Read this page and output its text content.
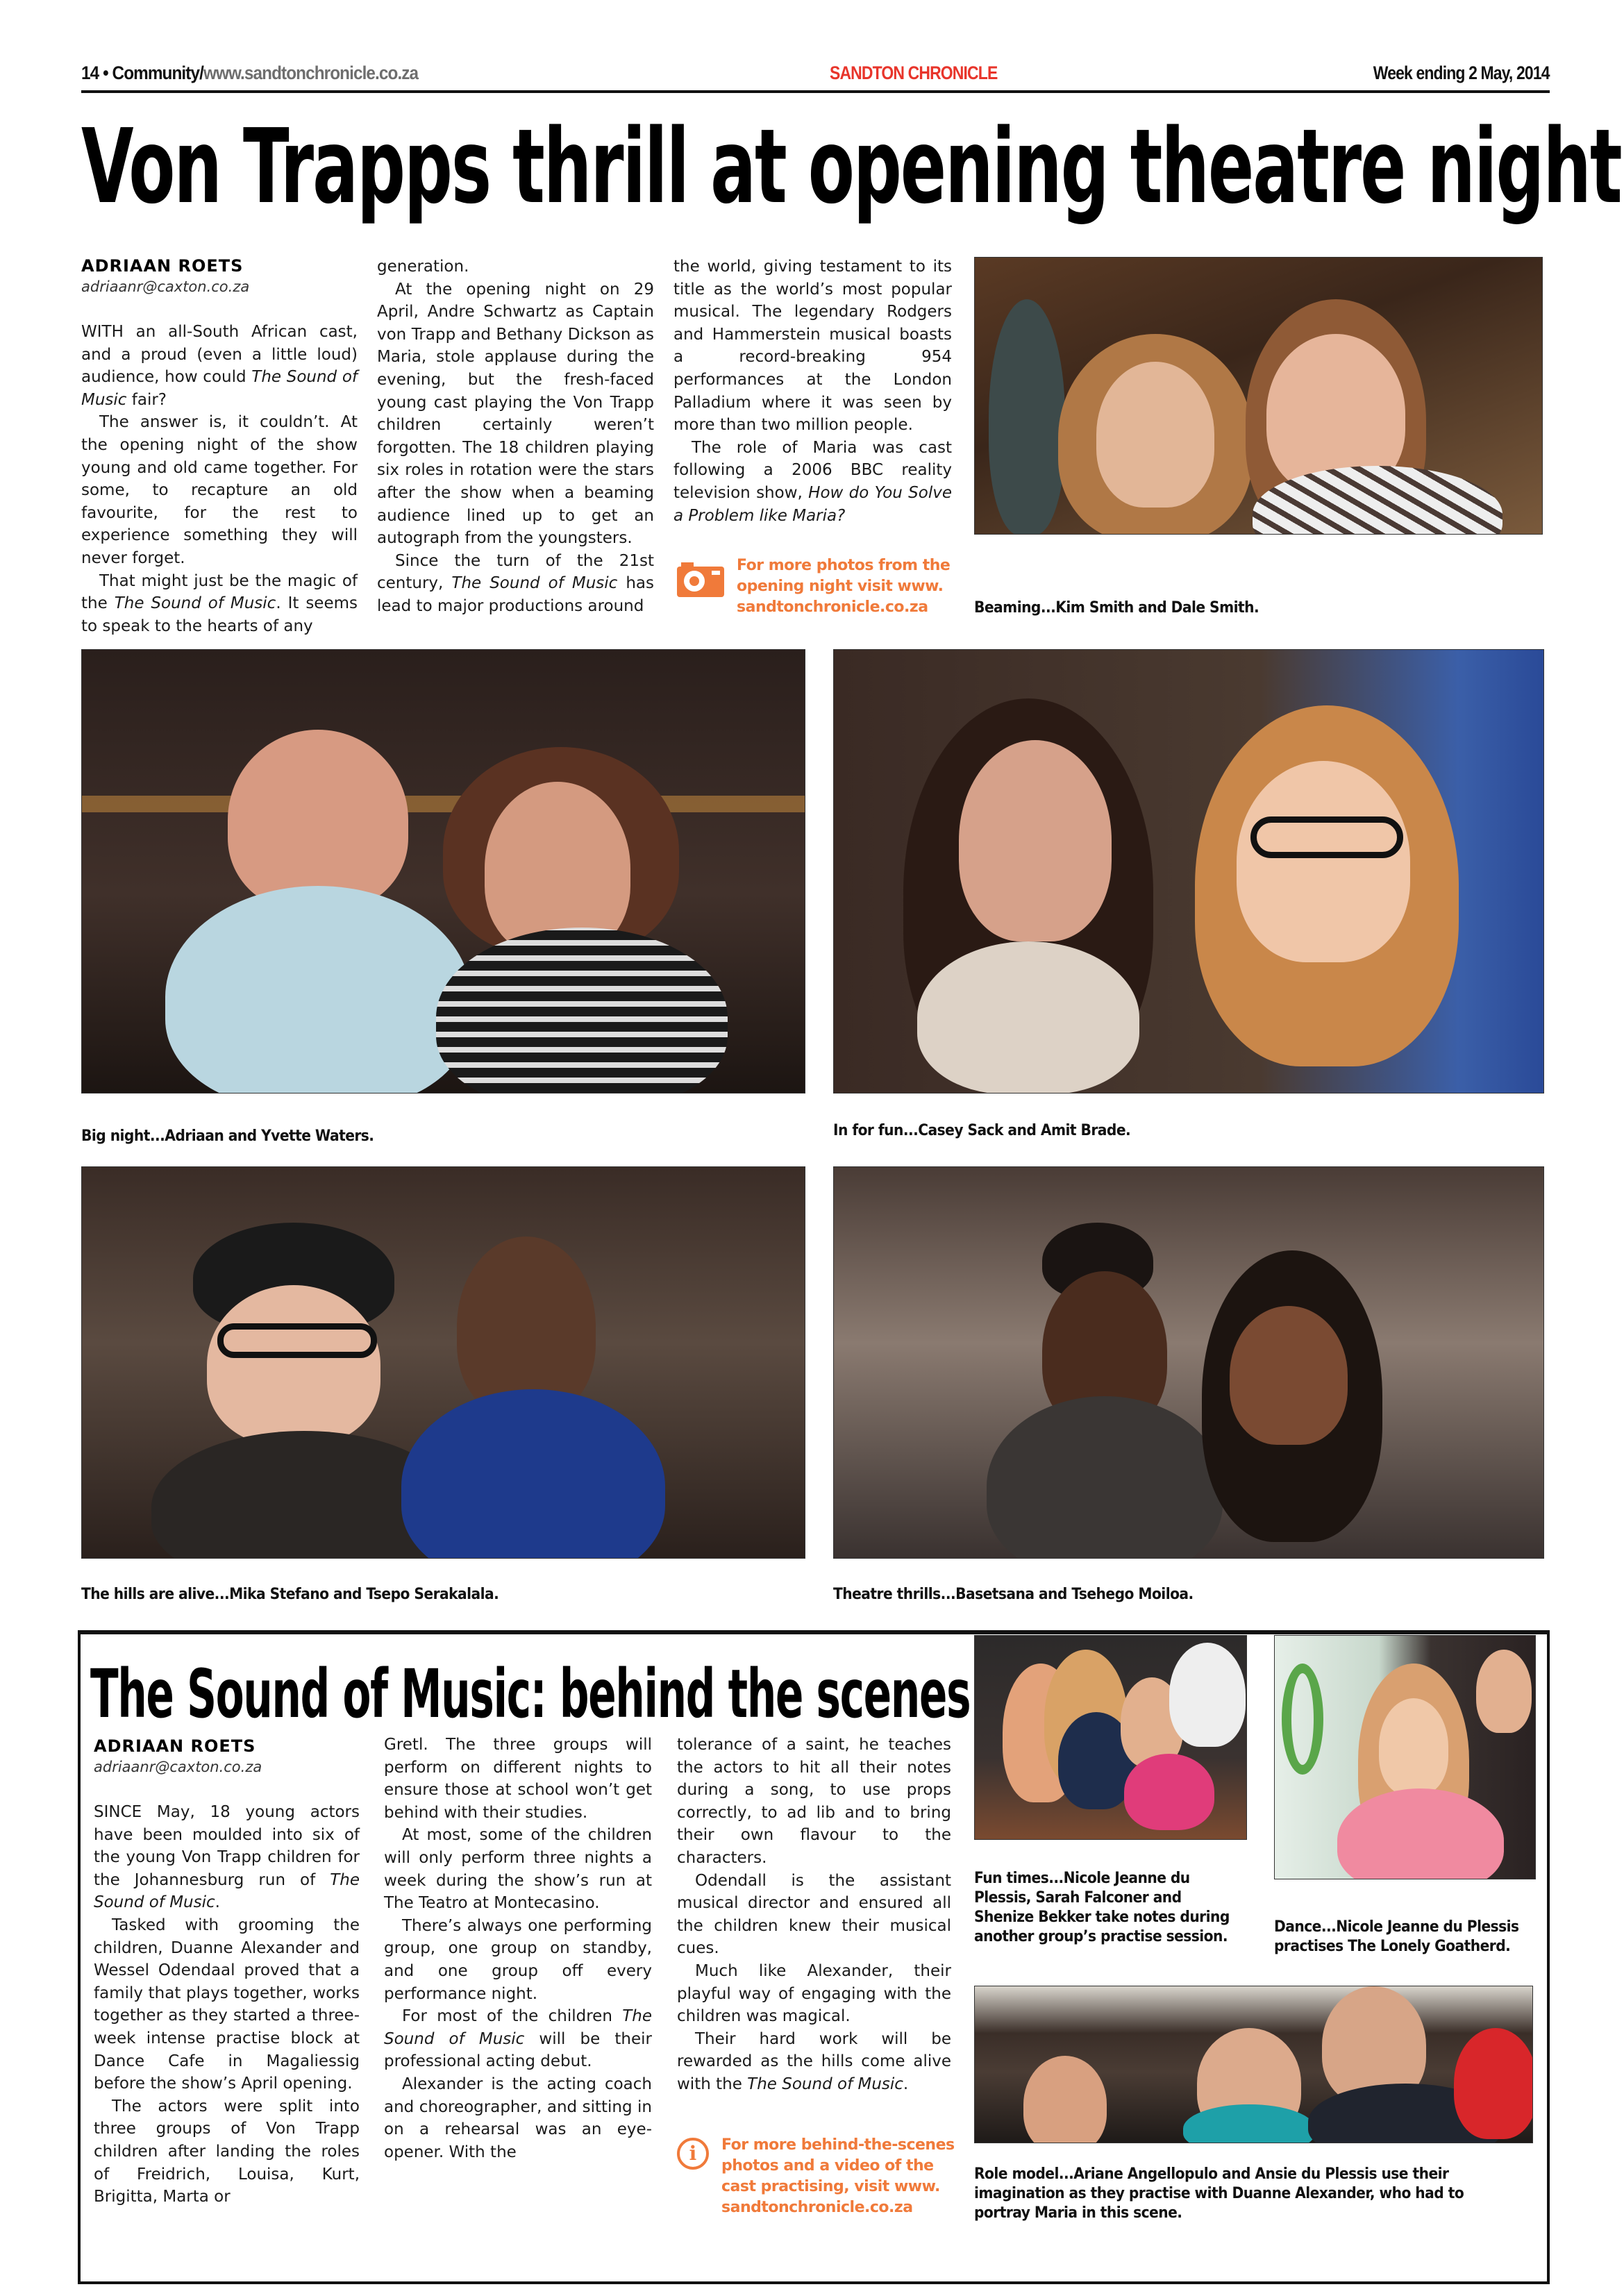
14 • Community/www.sandtonchronicle.co.za	SANDTON CHRONICLE	Week ending 2 May, 2014
Von Trapps thrill at opening theatre night
ADRIAAN ROETS
adriaanr@caxton.co.za

WITH an all-South African cast, and a proud (even a little loud) audience, how could The Sound of Music fair?

The answer is, it couldn’t. At the opening night of the show young and old came together. For some, to recapture an old favourite, for the rest to experience something they will never forget.

That might just be the magic of the The Sound of Music. It seems to speak to the hearts of any

generation.

At the opening night on 29 April, Andre Schwartz as Captain von Trapp and Bethany Dickson as Maria, stole applause during the evening, but the fresh-faced young cast playing the Von Trapp children certainly weren’t forgotten. The 18 children playing six roles in rotation were the stars after the show when a beaming audience lined up to get an autograph from the youngsters.

Since the turn of the 21st century, The Sound of Music has lead to major productions around

the world, giving testament to its title as the world’s most popular musical. The legendary Rodgers and Hammerstein musical boasts a record-breaking 954 performances at the London Palladium where it was seen by more than two million people.

The role of Maria was cast following a 2006 BBC reality television show, How do You Solve a Problem like Maria?

For more photos from the opening night visit www. sandtonchronicle.co.za	Beaming...Kim Smith and Dale Smith.
Big night...Adriaan and Yvette Waters.	In for fun...Casey Sack and Amit Brade.
The hills are alive...Mika Stefano and Tsepo Serakalala.	Theatre thrills...Basetsana and Tsehego Moiloa.
The Sound of Music: behind the scenes
ADRIAAN ROETS
adriaanr@caxton.co.za

SINCE May, 18 young actors have been moulded into six of the young Von Trapp children for the Johannesburg run of The Sound of Music.

Tasked with grooming the children, Duanne Alexander and Wessel Odendaal proved that a family that plays together, works together as they started a three-week intense practise block at Dance Cafe in Magaliessig before the show’s April opening.

The actors were split into three groups of Von Trapp children after landing the roles of Freidrich, Louisa, Kurt, Brigitta, Marta or

Gretl. The three groups will perform on different nights to ensure those at school won’t get behind with their studies.

At most, some of the children will only perform three nights a week during the show’s run at The Teatro at Montecasino.

There’s always one performing group, one group on standby, and one group off every performance night.

For most of the children The Sound of Music will be their professional acting debut.

Alexander is the acting coach and choreographer, and sitting in on a rehearsal was an eye-opener. With the

tolerance of a saint, he teaches the actors to hit all their notes during a song, to use props correctly, to ad lib and to bring their own flavour to the characters.

Odendall is the assistant musical director and ensured all the children knew their musical cues.

Much like Alexander, their playful way of engaging with the children was magical.

Their hard work will be rewarded as the hills come alive with the The Sound of Music.

i	For more behind-the-scenes photos and a video of the cast practising, visit www. sandtonchronicle.co.za
Fun times...Nicole Jeanne du Plessis, Sarah Falconer and Shenize Bekker take notes during another group’s practise session.
Dance...Nicole Jeanne du Plessis practises The Lonely Goatherd.
Role model...Ariane Angellopulo and Ansie du Plessis use their imagination as they practise with Duanne Alexander, who had to portray Maria in this scene.
